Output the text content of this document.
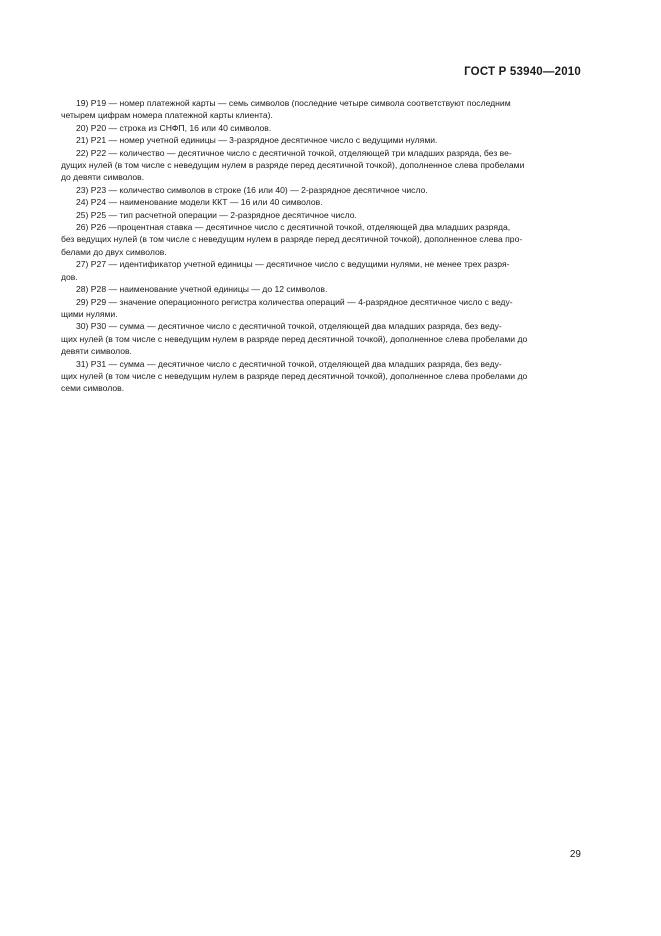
ГОСТ Р 53940—2010

19) Р19 — номер платежной карты — семь символов (последние четыре символа соответствуют последним
четырем цифрам номера платежной карты клиента).

20) Р20 — строка из СНФП, 16 или 40 символов.

21) Р21 — номер учетной единицы — 3-разрядное десятичное число с ведущими нулями.

22) Р22 — количество — десятичное число с десятичной точкой, отделяющей три младших разряда, без ве-
дущих нулей (в том числе с неведущим нулем в разряде перед десятичной точкой), дополненное слева пробелами
до девяти символов.

23) Р23 — количество символов в строке (16 или 40) — 2-разрядное десятичное число.

24) Р24 — наименование модели ККТ — 16 или 40 символов.

25) Р25 — тип расчетной операции — 2-разрядное десятичное число.

26) Р26 —процентная ставка — десятичное число с десятичной точкой, отделяющей два младших разряда,
без ведущих нулей (в том числе с неведущим нулем в разряде перед десятичной точкой), дополненное слева про-
белами до двух символов.

27) Р27 — идентификатор учетной единицы — десятичное число с ведущими нулями, не менее трех разря-
дов.

28) Р28 — наименование учетной единицы — до 12 символов.

29) Р29 — значение операционного регистра количества операций — 4-разрядное десятичное число с веду-
щими нулями.

30) Р30 — сумма — десятичное число с десятичной точкой, отделяющей два младших разряда, без веду-
щих нулей (в том числе с неведущим нулем в разряде перед десятичной точкой), дополненное слева пробелами до
девяти символов.

31) Р31 — сумма — десятичное число с десятичной точкой, отделяющей два младших разряда, без веду-
щих нулей (в том числе с неведущим нулем в разряде перед десятичной точкой), дополненное слева пробелами до
семи символов.

29
